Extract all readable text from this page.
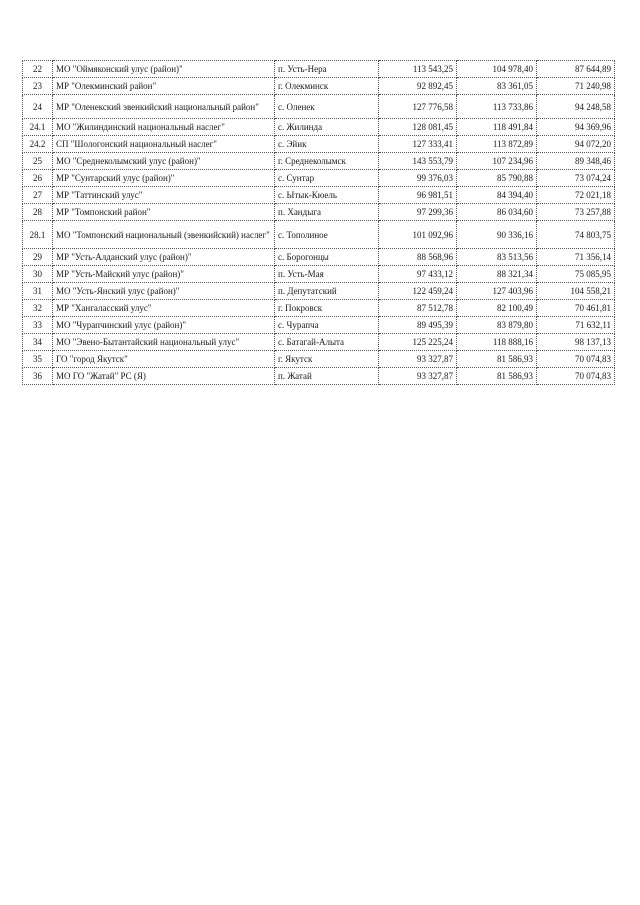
22	МО "Оймяконский улус (район)"	п. Усть-Нера	113 543,25	104 978,40	87 644,89
23	МР "Олекминский район"	г. Олекминск	92 892,45	83 361,05	71 240,98
24	МР "Оленекский эвенкийский национальный район"	с. Оленек	127 776,58	113 733,86	94 248,58
24.1	МО "Жилиндинский национальный наслег"	с. Жилинда	128 081,45	118 491,84	94 369,96
24.2	СП "Шологонский национальный наслег"	с. Эйик	127 333,41	113 872,89	94 072,20
25	МО "Среднеколымский улус (район)"	г. Среднеколымск	143 553,79	107 234,96	89 348,46
26	МР "Сунтарский улус (район)"	с. Сунтар	99 376,03	85 790,88	73 074,24
27	МР "Таттинский улус"	с. Ытык-Кюель	96 981,51	84 394,40	72 021,18
28	МР "Томпонский район"	п. Хандыга	97 299,36	86 034,60	73 257,88
28.1	МО "Томпонский национальный (эвенкийский) наслег"	с. Тополиное	101 092,96	90 336,16	74 803,75
29	МР "Усть-Алданский улус (район)"	с. Борогонцы	88 568,96	83 513,56	71 356,14
30	МР "Усть-Майский улус (район)"	п. Усть-Мая	97 433,12	88 321,34	75 085,95
31	МО "Усть-Янский улус (район)"	п. Депутатский	122 459,24	127 403,96	104 558,21
32	МР "Хангаласский улус"	г. Покровск	87 512,78	82 100,49	70 461,81
33	МО "Чурапчинский улус (район)"	с. Чурапча	89 495,39	83 879,80	71 632,11
34	МО "Эвено-Бытантайский национальный улус"	с. Батагай-Алыта	125 225,24	118 888,16	98 137,13
35	ГО "город Якутск"	г. Якутск	93 327,87	81 586,93	70 074,83
36	МО ГО "Жатай" РС (Я)	п. Жатай	93 327,87	81 586,93	70 074,83
